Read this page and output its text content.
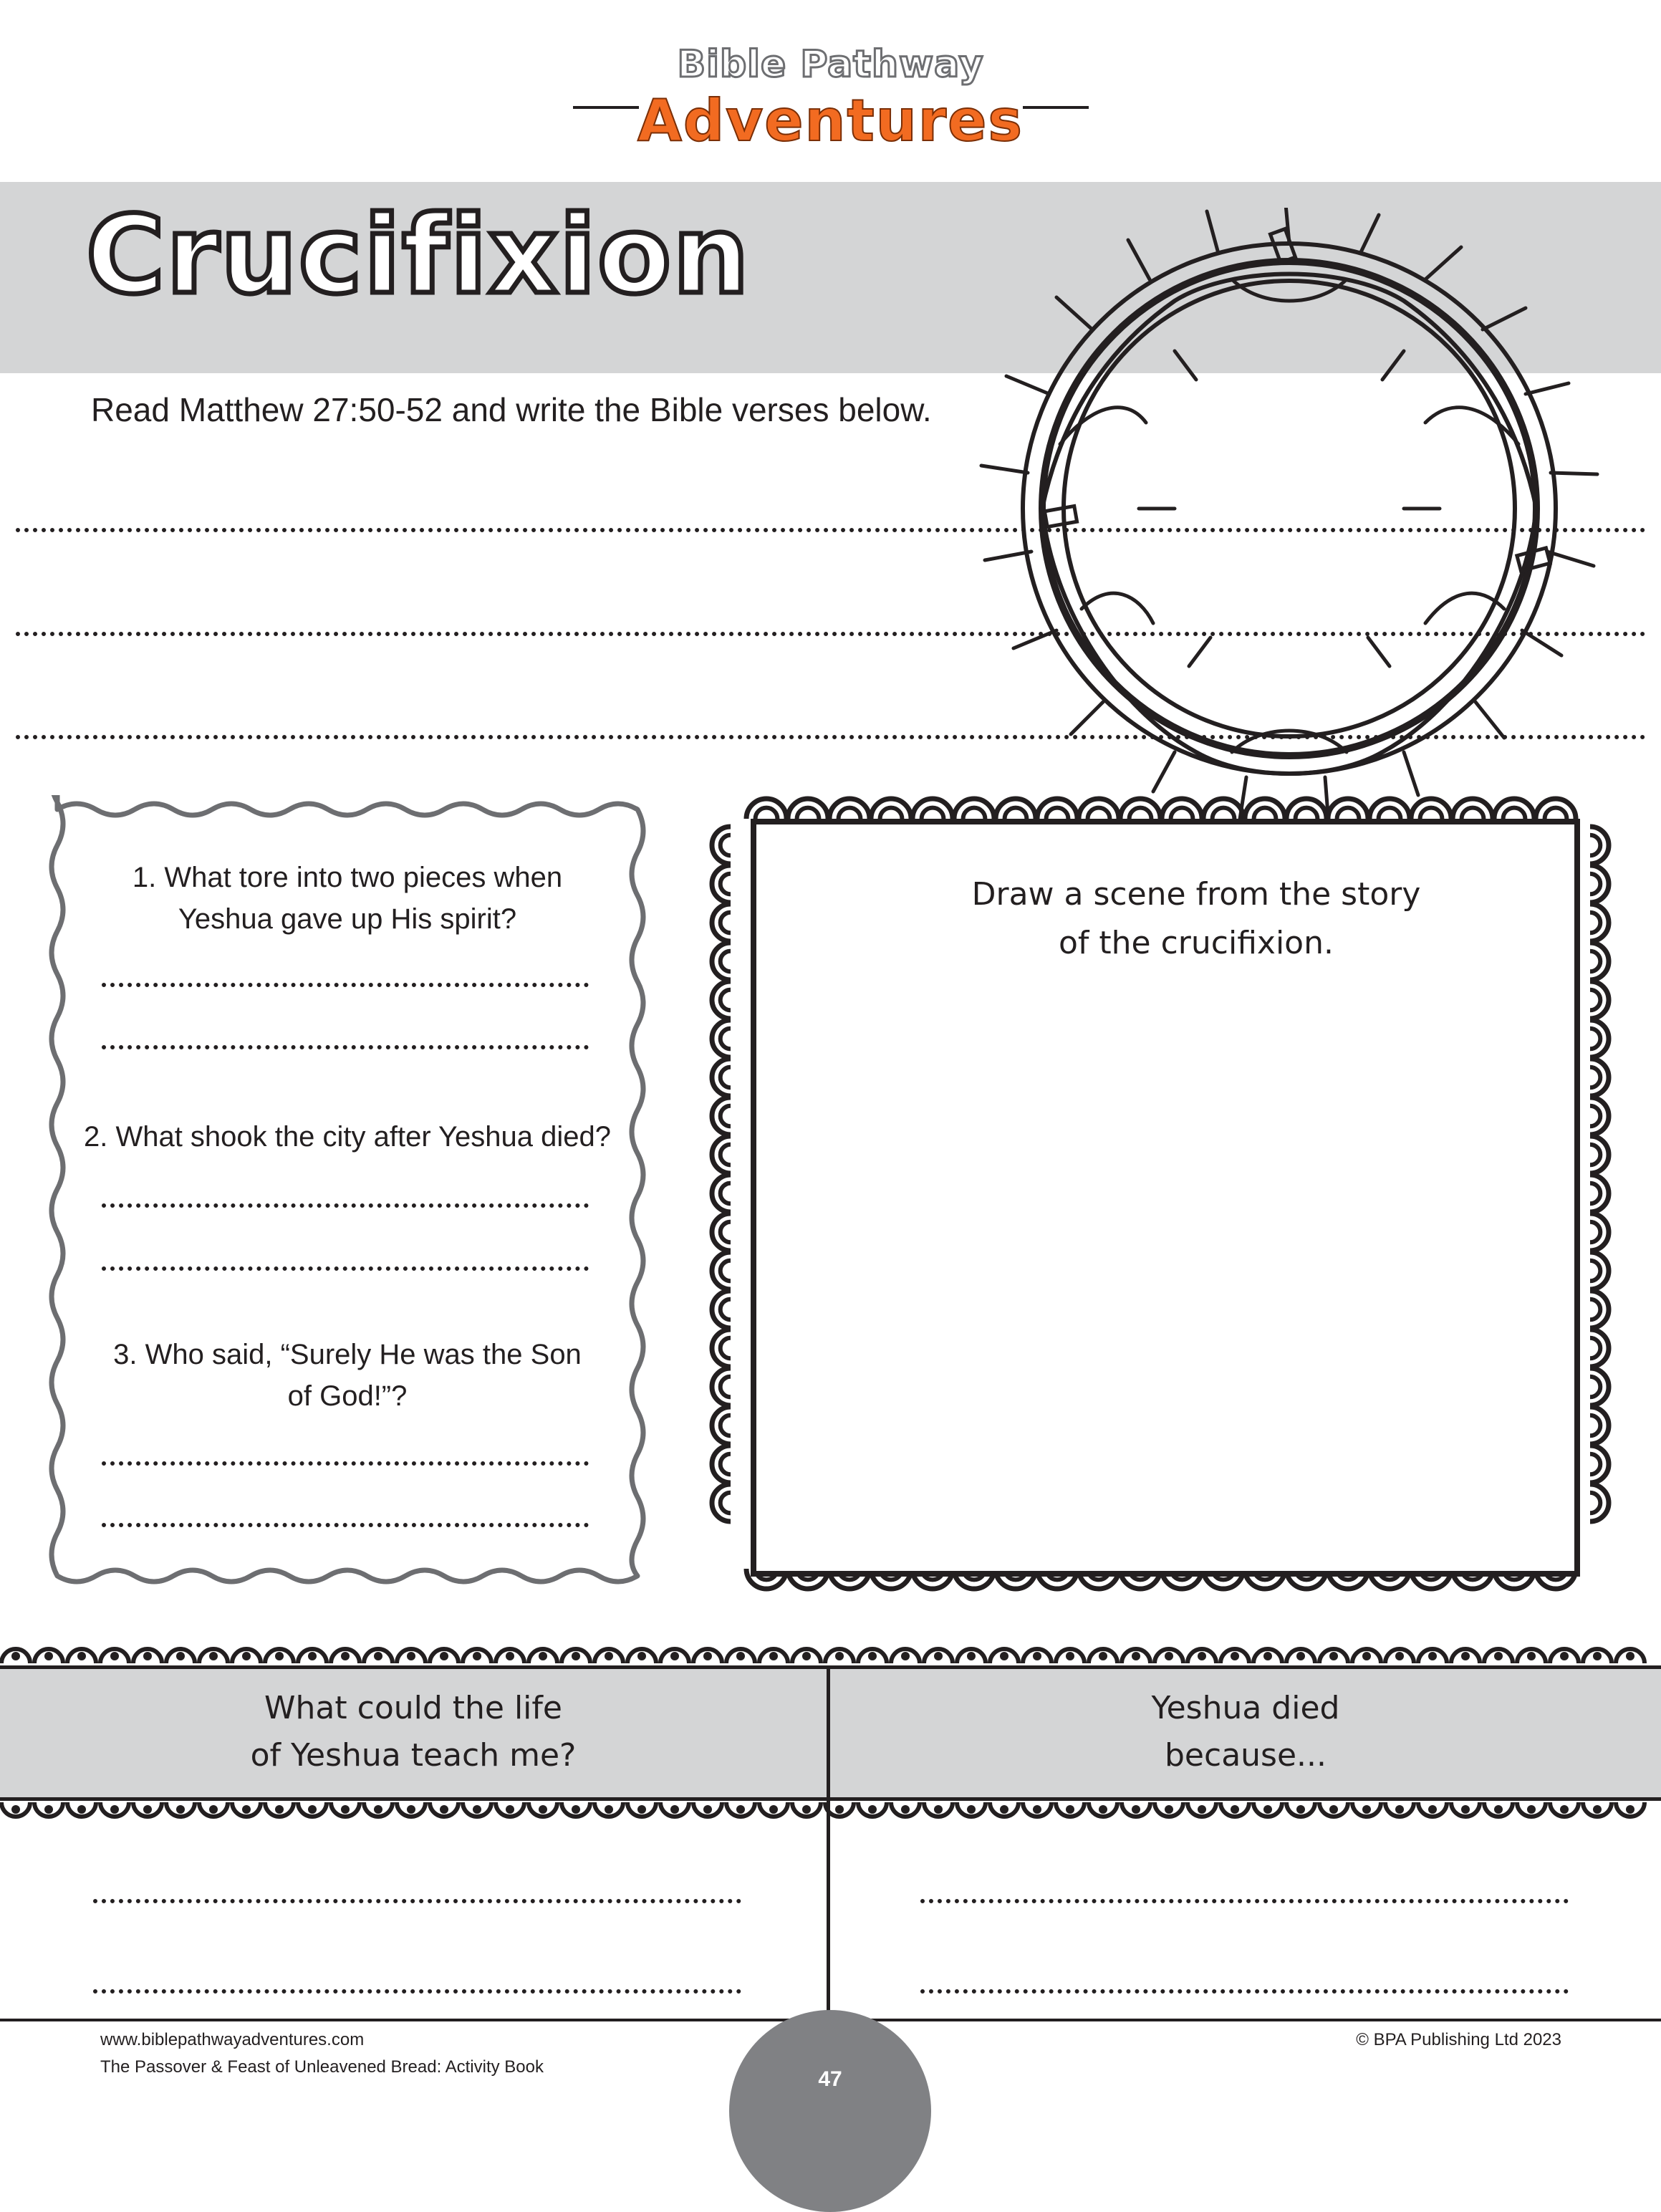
Bible Pathway
Adventures
Crucifixion
Read Matthew 27:50-52 and write the Bible verses below.
1. What tore into two pieces when
Yeshua gave up His spirit?
2. What shook the city after Yeshua died?
3. Who said, “Surely He was the Son
of God!”?
Draw a scene from the story
of the crucifixion.
What could the life
of Yeshua teach me?
Yeshua died
because...
www.biblepathwayadventures.com
The Passover & Feast of Unleavened Bread: Activity Book
© BPA Publishing Ltd 2023
47
